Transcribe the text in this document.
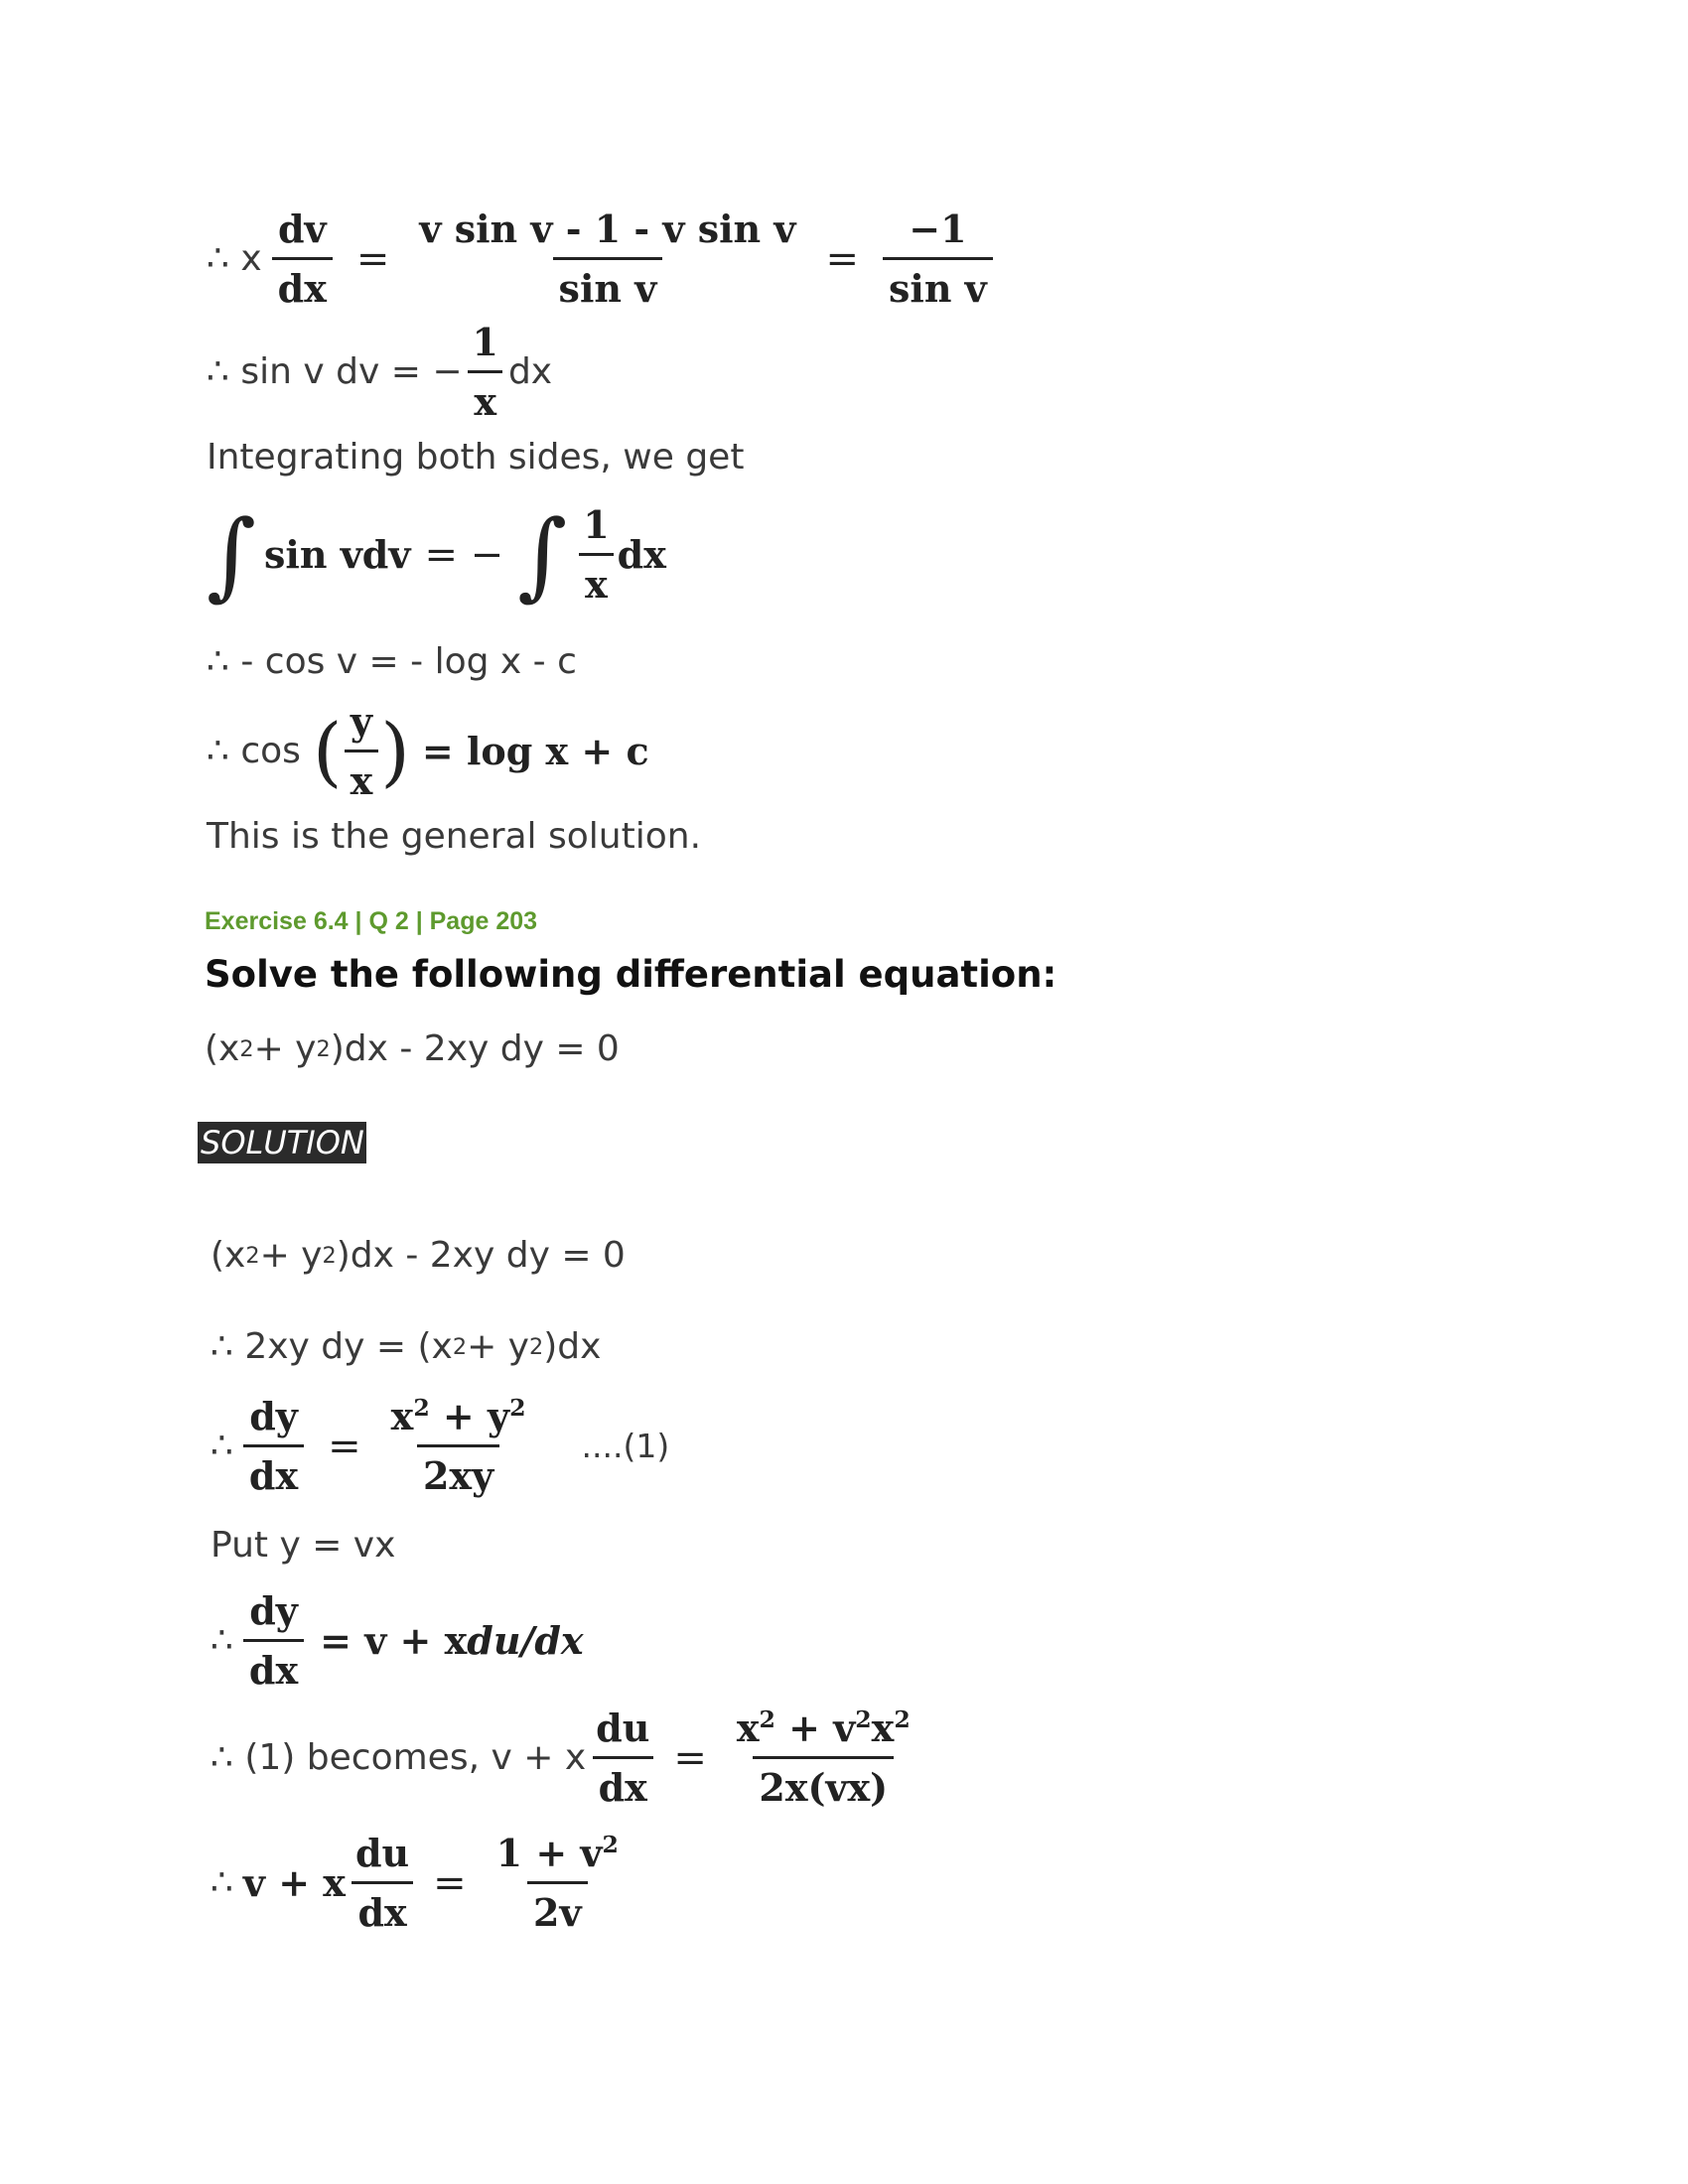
∴ x $\frac{dv}{dx} = \frac{\text{v sin v - 1 - v sin v}}{\text{sin v}} = \frac{-1}{\text{sin v}}$
∴ sin v dv = − $\frac{1}{x}$ dx
Integrating both sides, we get
∫ sin vdv = − ∫ $\frac{1}{x}$ dx
∴ - cos v = - log x - c
∴ cos ( $\frac{y}{x}$ ) = log x + c
This is the general solution.
Exercise 6.4 | Q 2 | Page 203
Solve the following differential equation:
(x 2 + y 2 )dx - 2xy dy = 0
SOLUTION
(x 2 + y 2 )dx - 2xy dy = 0
∴ 2xy dy = (x 2 + y 2 )dx
∴ $\frac{dy}{dx} = \frac{x^2 + y^2}{2xy} ....(1)$
Put y = vx
∴ $\frac{dy}{dx} = v + x$ du/dx
∴ (1) becomes, v + x $\frac{du}{dx} = \frac{x^2 + v^2x^2}{2x(vx)}$
∴ v + x $\frac{du}{dx} = \frac{1 + v^2}{2v}$
